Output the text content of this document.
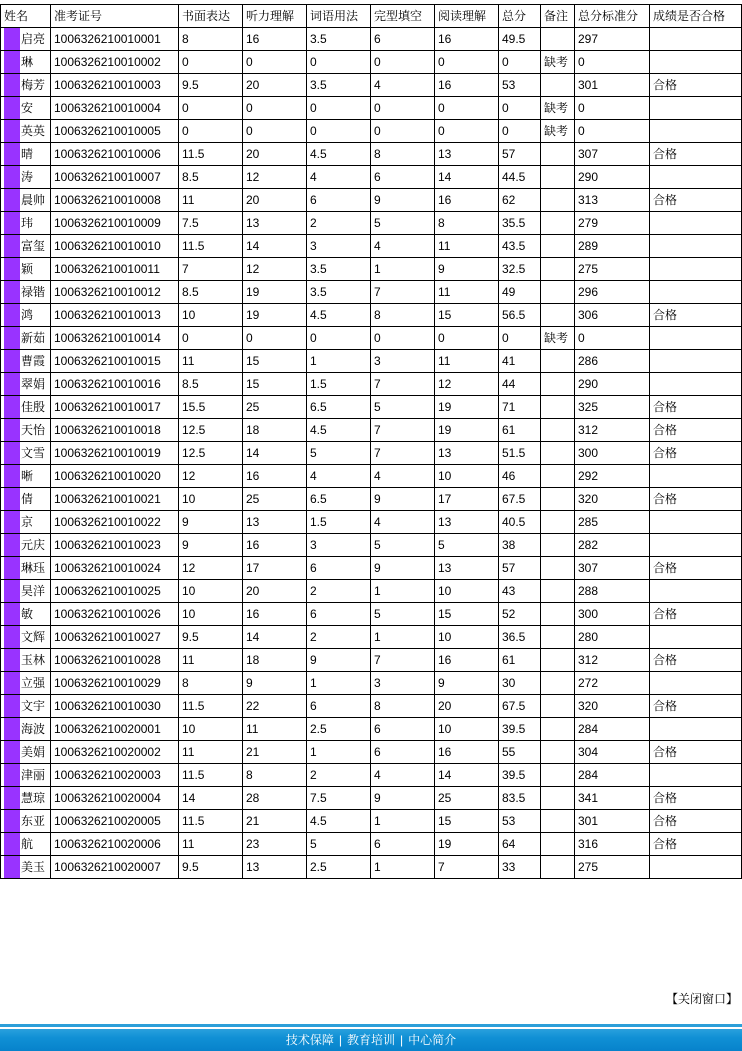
姓名	准考证号	书面表达	听力理解	词语用法	完型填空	阅读理解	总分	备注	总分标准分	成绩是否合格

启亮	1006326210010001	8	16	3.5	6	16	49.5		297	

琳	1006326210010002	0	0	0	0	0	0	缺考	0	

梅芳	1006326210010003	9.5	20	3.5	4	16	53		301	合格

安	1006326210010004	0	0	0	0	0	0	缺考	0	

英英	1006326210010005	0	0	0	0	0	0	缺考	0	

晴	1006326210010006	11.5	20	4.5	8	13	57		307	合格

涛	1006326210010007	8.5	12	4	6	14	44.5		290	

晨帅	1006326210010008	11	20	6	9	16	62		313	合格

玮	1006326210010009	7.5	13	2	5	8	35.5		279	

富玺	1006326210010010	11.5	14	3	4	11	43.5		289	

颖	1006326210010011	7	12	3.5	1	9	32.5		275	

禄锴	1006326210010012	8.5	19	3.5	7	11	49		296	

鸿	1006326210010013	10	19	4.5	8	15	56.5		306	合格

新茹	1006326210010014	0	0	0	0	0	0	缺考	0	

曹霞	1006326210010015	11	15	1	3	11	41		286	

翠娟	1006326210010016	8.5	15	1.5	7	12	44		290	

佳殷	1006326210010017	15.5	25	6.5	5	19	71		325	合格

天怡	1006326210010018	12.5	18	4.5	7	19	61		312	合格

文雪	1006326210010019	12.5	14	5	7	13	51.5		300	合格

晰	1006326210010020	12	16	4	4	10	46		292	

倩	1006326210010021	10	25	6.5	9	17	67.5		320	合格

京	1006326210010022	9	13	1.5	4	13	40.5		285	

元庆	1006326210010023	9	16	3	5	5	38		282	

琳珏	1006326210010024	12	17	6	9	13	57		307	合格

昊洋	1006326210010025	10	20	2	1	10	43		288	

敏	1006326210010026	10	16	6	5	15	52		300	合格

文辉	1006326210010027	9.5	14	2	1	10	36.5		280	

玉林	1006326210010028	11	18	9	7	16	61		312	合格

立强	1006326210010029	8	9	1	3	9	30		272	

文宇	1006326210010030	11.5	22	6	8	20	67.5		320	合格

海波	1006326210020001	10	11	2.5	6	10	39.5		284	

美娟	1006326210020002	11	21	1	6	16	55		304	合格

津丽	1006326210020003	11.5	8	2	4	14	39.5		284	

慧琼	1006326210020004	14	28	7.5	9	25	83.5		341	合格

东亚	1006326210020005	11.5	21	4.5	1	15	53		301	合格

航	1006326210020006	11	23	5	6	19	64		316	合格

美玉	1006326210020007	9.5	13	2.5	1	7	33		275	
【关闭窗口】
技术保障 | 教育培训 | 中心简介
